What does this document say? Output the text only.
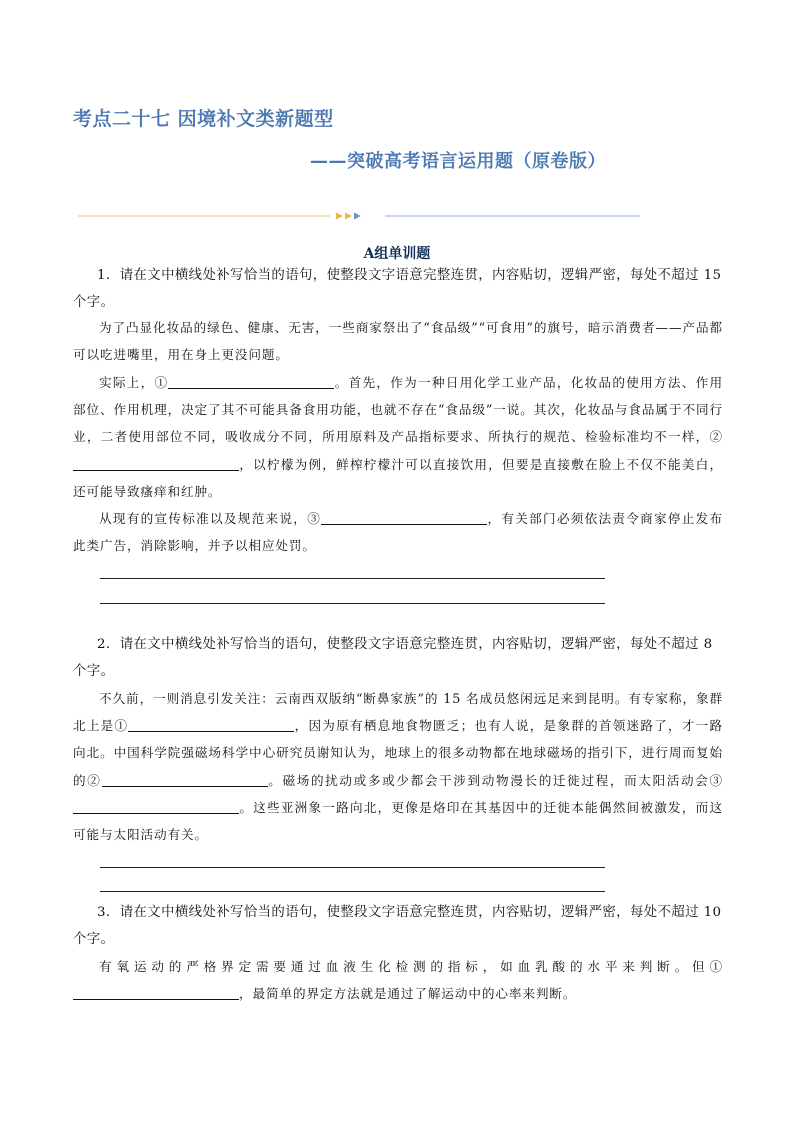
考点二十七 因境补文类新题型
——突破高考语言运用题（原卷版）
A组单训题
1．请在文中横线处补写恰当的语句，使整段文字语意完整连贯，内容贴切，逻辑严密，每处不超过 15
个字。
为了凸显化妆品的绿色、健康、无害，一些商家祭出了“食品级”“可食用”的旗号，暗示消费者——产品都可以吃进嘴里，用在身上更没问题。
实际上，①	。首先，作为一种日用化学工业产品，化妆品的使用方法、作用部位、作用机理，决定了其不可能具备食用功能，也就不存在“食品级”一说。其次，化妆品与食品属于不同行业，二者使用部位不同，吸收成分不同，所用原料及产品指标要求、所执行的规范、检验标准均不一样，②，以柠檬为例，鲜榨柠檬汁可以直接饮用，但要是直接敷在脸上不仅不能美白，还可能导致瘙痒和红肿。
从现有的宣传标准以及规范来说，③	，有关部门必须依法责令商家停止发布此类广告，消除影响，并予以相应处罚。
2．请在文中横线处补写恰当的语句，使整段文字语意完整连贯，内容贴切，逻辑严密，每处不超过 8
个字。
不久前，一则消息引发关注：云南西双版纳“断鼻家族”的 15 名成员悠闲远足来到昆明。有专家称，象群北上是①	，因为原有栖息地食物匮乏；也有人说，是象群的首领迷路了，才一路向北。中国科学院强磁场科学中心研究员谢知认为，地球上的很多动物都在地球磁场的指引下，进行周而复始的②	。磁场的扰动或多或少都会干涉到动物漫长的迁徙过程，而太阳活动会③。这些亚洲象一路向北，更像是烙印在其基因中的迁徙本能偶然间被激发，而这可能与太阳活动有关。
3．请在文中横线处补写恰当的语句，使整段文字语意完整连贯，内容贴切，逻辑严密，每处不超过 10
个字。
有氧运动的严格界定需要通过血液生化检测的指标，如血乳酸的水平来判断。但①，最简单的界定方法就是通过了解运动中的心率来判断。
